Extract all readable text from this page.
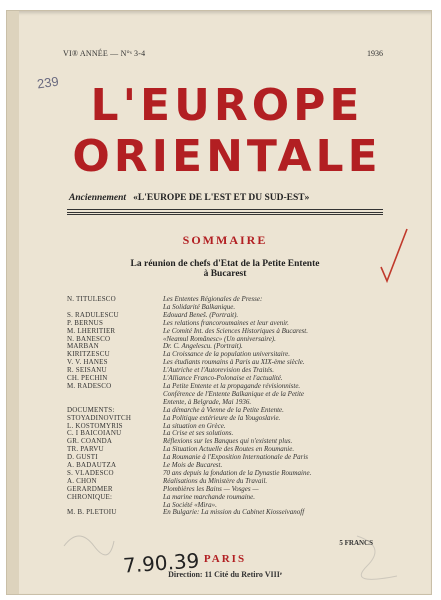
VI® ANNÉE — N°ˢ 3-4	1936
239 L'EUROPE
ORIENTALE
Anciennement «L'EUROPE DE L'EST ET DU SUD-EST»
SOMMAIRE
La réunion de chefs d'Etat de la Petite Entente
à Bucarest
N. TITULESCO	Les Ententes Régionales de Presse:
La Solidarité Balkanique.
S. RADULESCU	Edouard Beneš. (Portrait).
P. BERNUS	Les relations francoroumaines et leur avenir.
M. LHERITIER	Le Comité Int. des Sciences Historiques à Bucarest.
N. BANESCO	«Neamul Românesc» (Un anniversaire).
MARBAN	Dr. C. Angelescu. (Portrait).
KIRITZESCU	La Croissance de la population universitaire.
V. V. HANES	Les étudiants roumains à Paris au XIX-ème siècle.
R. SEISANU	L'Autriche et l'Autorevision des Traités.
CH. PECHIN	L'Alliance Franco-Polonaise et l'actualité.
M. RADESCO	La Petite Entente et la propagande révisionniste.
Conférence de l'Entente Balkanique et de la Petite
Entente, à Belgrade, Mai 1936.
DOCUMENTS:	La démarche à Vienne de la Petite Entente.
STOYADINOVITCH	La Politique extérieure de la Yougoslavie.
L. KOSTOMYRIS	La situation en Grèce.
C. I BAICOIANU	La Crise et ses solutions.
GR. COANDA	Réflexions sur les Banques qui n'existent plus.
TR. PARVU	La Situation Actuelle des Routes en Roumanie.
D. GUSTI	La Roumanie à l'Exposition Internationale de Paris
A. BADAUTZA	Le Mois de Bucarest.
S. VLADESCO	70 ans depuis la fondation de la Dynastie Roumaine.
A. CHON	Réalisations du Ministère du Travail.
GERARDMER	Plombières les Bains — Vosges —
CHRONIQUE:	La marine marchande roumaine.
La Société «Mira».
M. B. PLETOIU	En Bulgarie: La mission du Cabinet Kiosseivanoff
5 FRANCS
PARIS
Direction: 11 Cité du Retiro VIIIᵉ
7.90.39
